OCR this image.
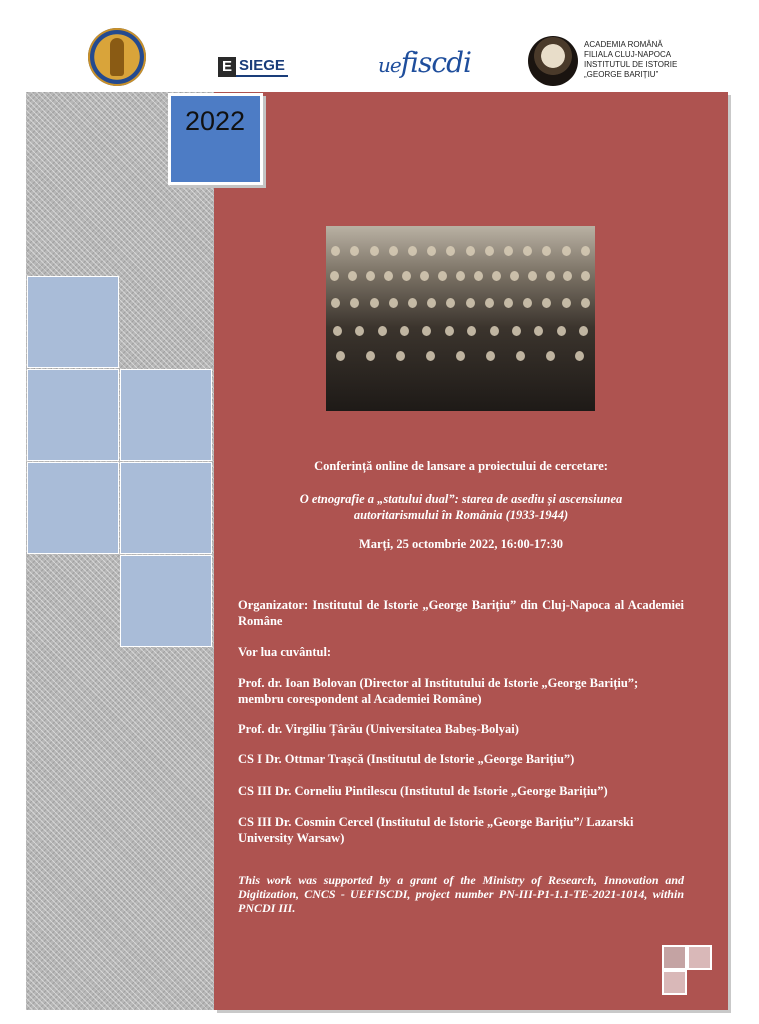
E SIEGE	uefiscdi
ACADEMIA ROMÂNĂ
FILIALA CLUJ-NAPOCA
INSTITUTUL DE ISTORIE
„GEORGE BARIȚIU”
2022
Conferință online de lansare a proiectului de cercetare:
O etnografie a „statului dual”: starea de asediu și ascensiunea
autoritarismului în România (1933-1944)
Marți, 25 octombrie 2022, 16:00-17:30
Organizator: Institutul de Istorie „George Barițiu” din Cluj-Napoca al Academiei Române
Vor lua cuvântul:
Prof. dr. Ioan Bolovan (Director al Institutului de Istorie „George Barițiu”; membru corespondent al Academiei Române)
Prof. dr. Virgiliu Țârău (Universitatea Babeș-Bolyai)
CS I Dr. Ottmar Trașcă (Institutul de Istorie „George Barițiu”)
CS III Dr. Corneliu Pintilescu (Institutul de Istorie „George Barițiu”)
CS III Dr. Cosmin Cercel (Institutul de Istorie „George Barițiu”/ Lazarski University Warsaw)
This work was supported by a grant of the Ministry of Research, Innovation and Digitization, CNCS - UEFISCDI, project number PN-III-P1-1.1-TE-2021-1014, within PNCDI III.
